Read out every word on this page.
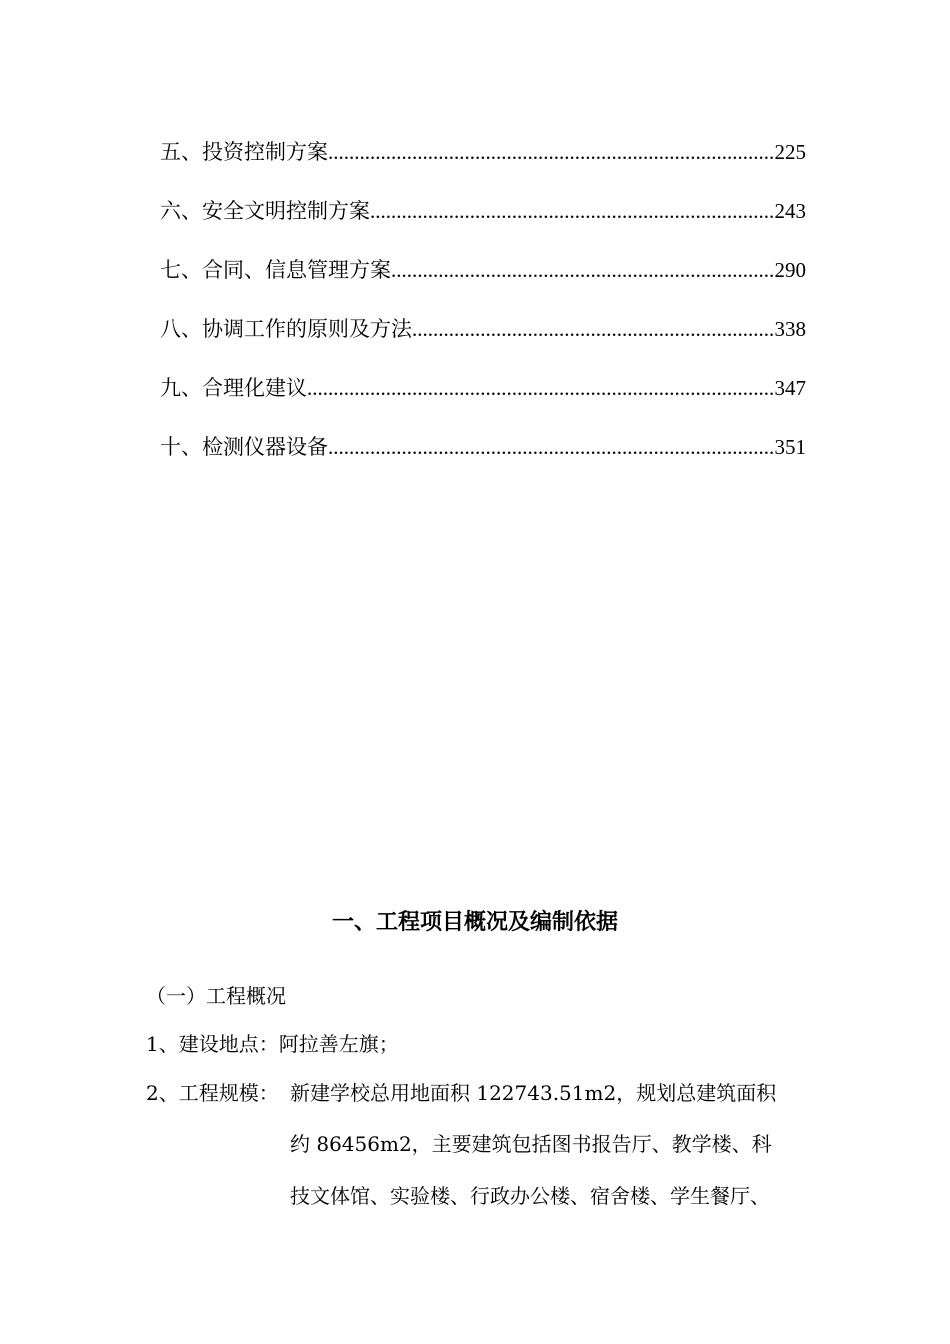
五、投资控制方案 .....	225
六、安全文明控制方案 .....	243
七、合同、信息管理方案 .....	290
八、协调工作的原则及方法 .....	338
九、合理化建议 .....	347
十、检测仪器设备 .....	351
一、工程项目概况及编制依据
（一）工程概况
1、建设地点：阿拉善左旗；
2、工程规模： 新建学校总用地面积 122743.51m2，规划总建筑面积
约 86456m2，主要建筑包括图书报告厅、教学楼、科
技文体馆、实验楼、行政办公楼、宿舍楼、学生餐厅、
